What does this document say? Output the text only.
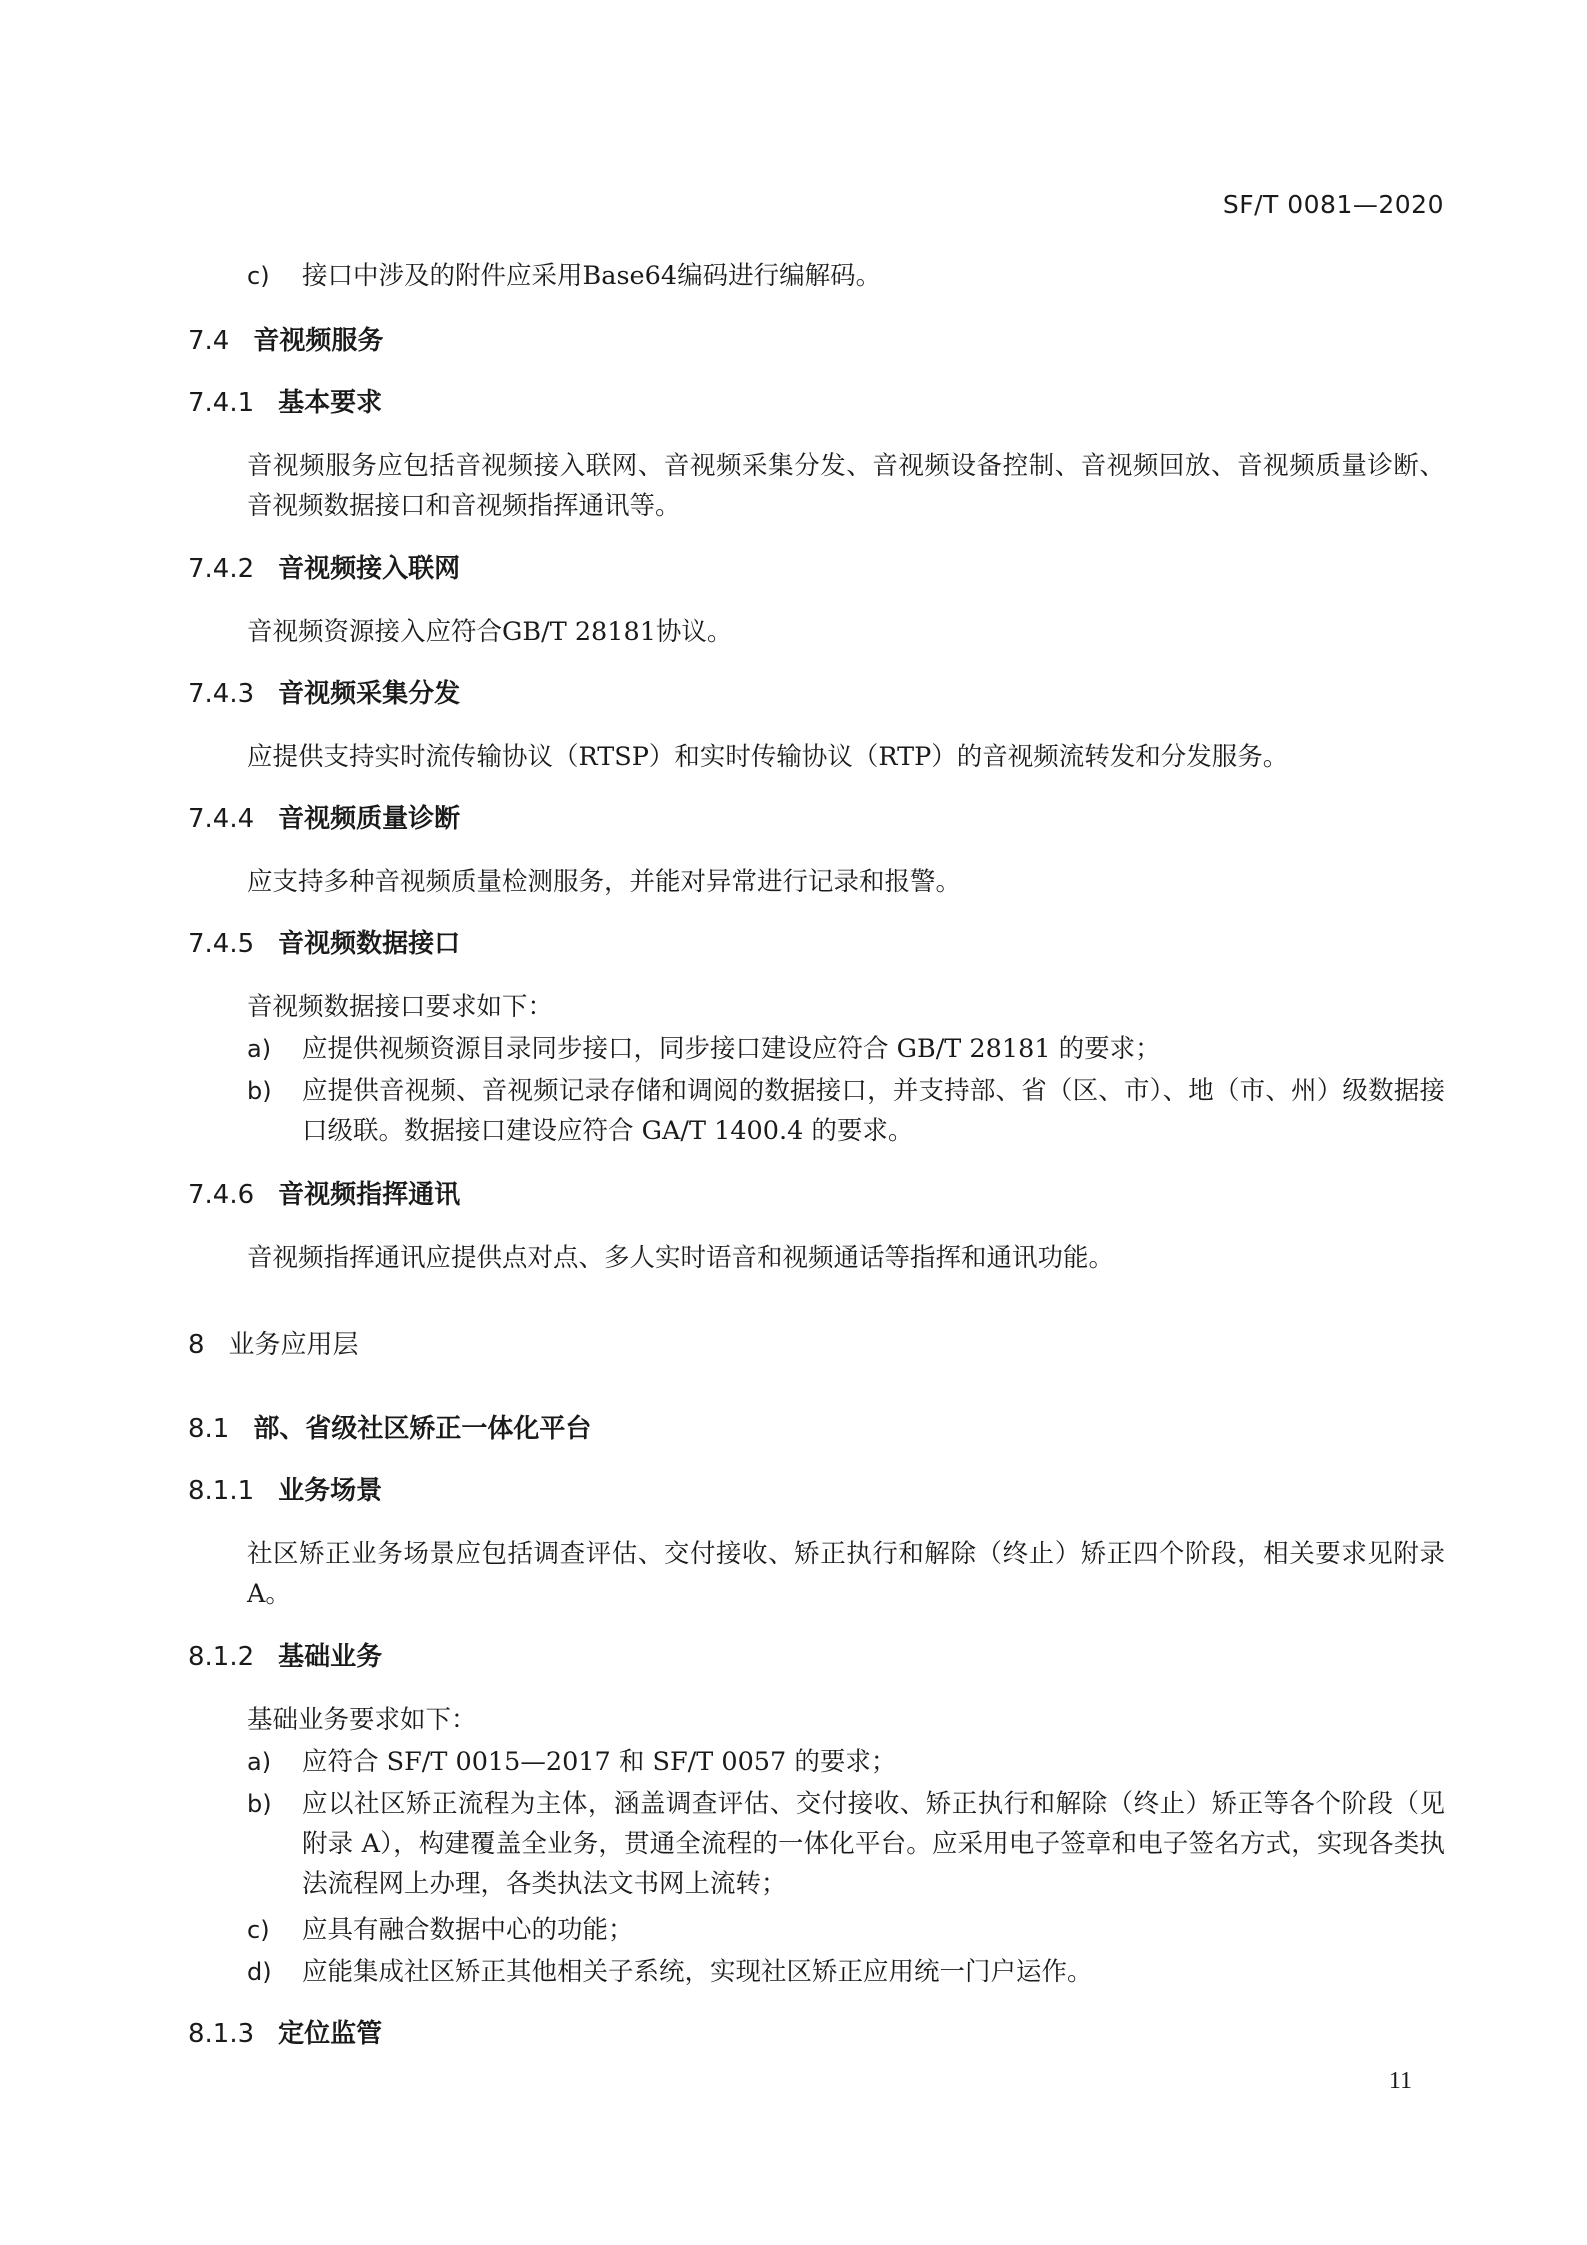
SF/T 0081—2020
c) 接口中涉及的附件应采用Base64编码进行编解码。
7.4 音视频服务
7.4.1 基本要求
音视频服务应包括音视频接入联网、音视频采集分发、音视频设备控制、音视频回放、音视频质量诊断、音视频数据接口和音视频指挥通讯等。
7.4.2 音视频接入联网
音视频资源接入应符合GB/T 28181协议。
7.4.3 音视频采集分发
应提供支持实时流传输协议（RTSP）和实时传输协议（RTP）的音视频流转发和分发服务。
7.4.4 音视频质量诊断
应支持多种音视频质量检测服务，并能对异常进行记录和报警。
7.4.5 音视频数据接口
音视频数据接口要求如下：
a) 应提供视频资源目录同步接口，同步接口建设应符合 GB/T 28181 的要求；
b) 应提供音视频、音视频记录存储和调阅的数据接口，并支持部、省（区、市）、地（市、州）级数据接口级联。数据接口建设应符合 GA/T 1400.4 的要求。
7.4.6 音视频指挥通讯
音视频指挥通讯应提供点对点、多人实时语音和视频通话等指挥和通讯功能。
8 业务应用层
8.1 部、省级社区矫正一体化平台
8.1.1 业务场景
社区矫正业务场景应包括调查评估、交付接收、矫正执行和解除（终止）矫正四个阶段，相关要求见附录A。
8.1.2 基础业务
基础业务要求如下：
a) 应符合 SF/T 0015—2017 和 SF/T 0057 的要求；
b) 应以社区矫正流程为主体，涵盖调查评估、交付接收、矫正执行和解除（终止）矫正等各个阶段（见附录 A），构建覆盖全业务，贯通全流程的一体化平台。应采用电子签章和电子签名方式，实现各类执法流程网上办理，各类执法文书网上流转；
c) 应具有融合数据中心的功能；
d) 应能集成社区矫正其他相关子系统，实现社区矫正应用统一门户运作。
8.1.3 定位监管
11
